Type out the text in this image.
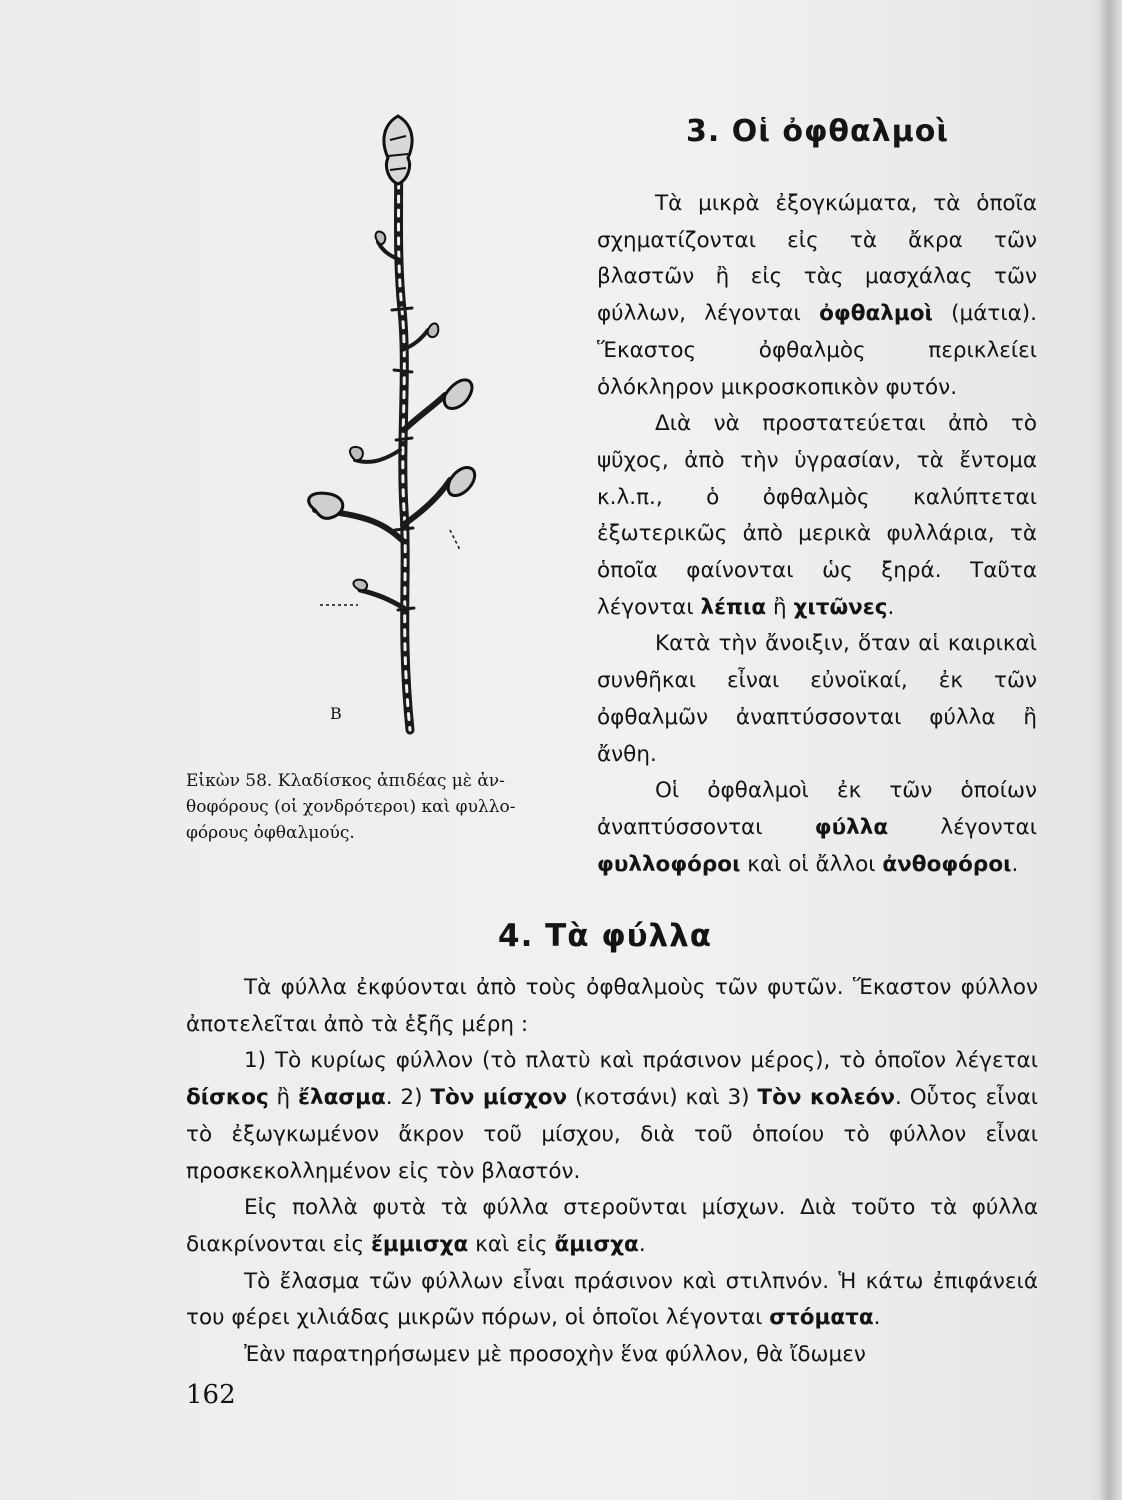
Β

Εἰκὼν 58. Κλαδίσκος ἀπιδέας μὲ ἀν-

θοφόρους (οἱ χονδρότεροι) καὶ φυλλο-

φόρους ὀφθαλμούς.

3. Οἱ ὀφθαλμοὶ

Τὰ μικρὰ ἐξογκώματα, τὰ ὁποῖα σχηματίζονται εἰς τὰ ἄκρα τῶν βλαστῶν ἢ εἰς τὰς μασχάλας τῶν φύλλων, λέγονται ὀφθαλμοὶ (μάτια). Ἕκαστος ὀφθαλμὸς περικλείει ὁλόκληρον μικροσκοπικὸν φυτόν.

Διὰ νὰ προστατεύεται ἀπὸ τὸ ψῦχος, ἀπὸ τὴν ὑγρασίαν, τὰ ἔντομα κ.λ.π., ὁ ὀφθαλμὸς καλύπτεται ἐξωτερικῶς ἀπὸ μερικὰ φυλλάρια, τὰ ὁποῖα φαίνονται ὡς ξηρά. Ταῦτα λέγονται λέπια ἢ χιτῶνες.

Κατὰ τὴν ἄνοιξιν, ὅταν αἱ καιρικαὶ συνθῆκαι εἶναι εὐνοϊκαί, ἐκ τῶν ὀφθαλμῶν ἀναπτύσσονται φύλλα ἢ ἄνθη.

Οἱ ὀφθαλμοὶ ἐκ τῶν ὁποίων ἀναπτύσσονται φύλλα λέγονται φυλλοφόροι καὶ οἱ ἄλλοι ἀνθοφόροι.

4. Τὰ φύλλα

Τὰ φύλλα ἐκφύονται ἀπὸ τοὺς ὀφθαλμοὺς τῶν φυτῶν. Ἕκαστον φύλλον ἀποτελεῖται ἀπὸ τὰ ἑξῆς μέρη :

1) Τὸ κυρίως φύλλον (τὸ πλατὺ καὶ πράσινον μέρος), τὸ ὁποῖον λέγεται δίσκος ἢ ἔλασμα. 2) Τὸν μίσχον (κοτσάνι) καὶ 3) Τὸν κολεόν. Οὗτος εἶναι τὸ ἐξωγκωμένον ἄκρον τοῦ μίσχου, διὰ τοῦ ὁποίου τὸ φύλλον εἶναι προσκεκολλημένον εἰς τὸν βλαστόν.

Εἰς πολλὰ φυτὰ τὰ φύλλα στεροῦνται μίσχων. Διὰ τοῦτο τὰ φύλλα διακρίνονται εἰς ἔμμισχα καὶ εἰς ἄμισχα.

Τὸ ἔλασμα τῶν φύλλων εἶναι πράσινον καὶ στιλπνόν. Ἡ κάτω ἐπιφάνειά του φέρει χιλιάδας μικρῶν πόρων, οἱ ὁποῖοι λέγονται στόματα.

Ἐὰν παρατηρήσωμεν μὲ προσοχὴν ἕνα φύλλον, θὰ ἴδωμεν

162
